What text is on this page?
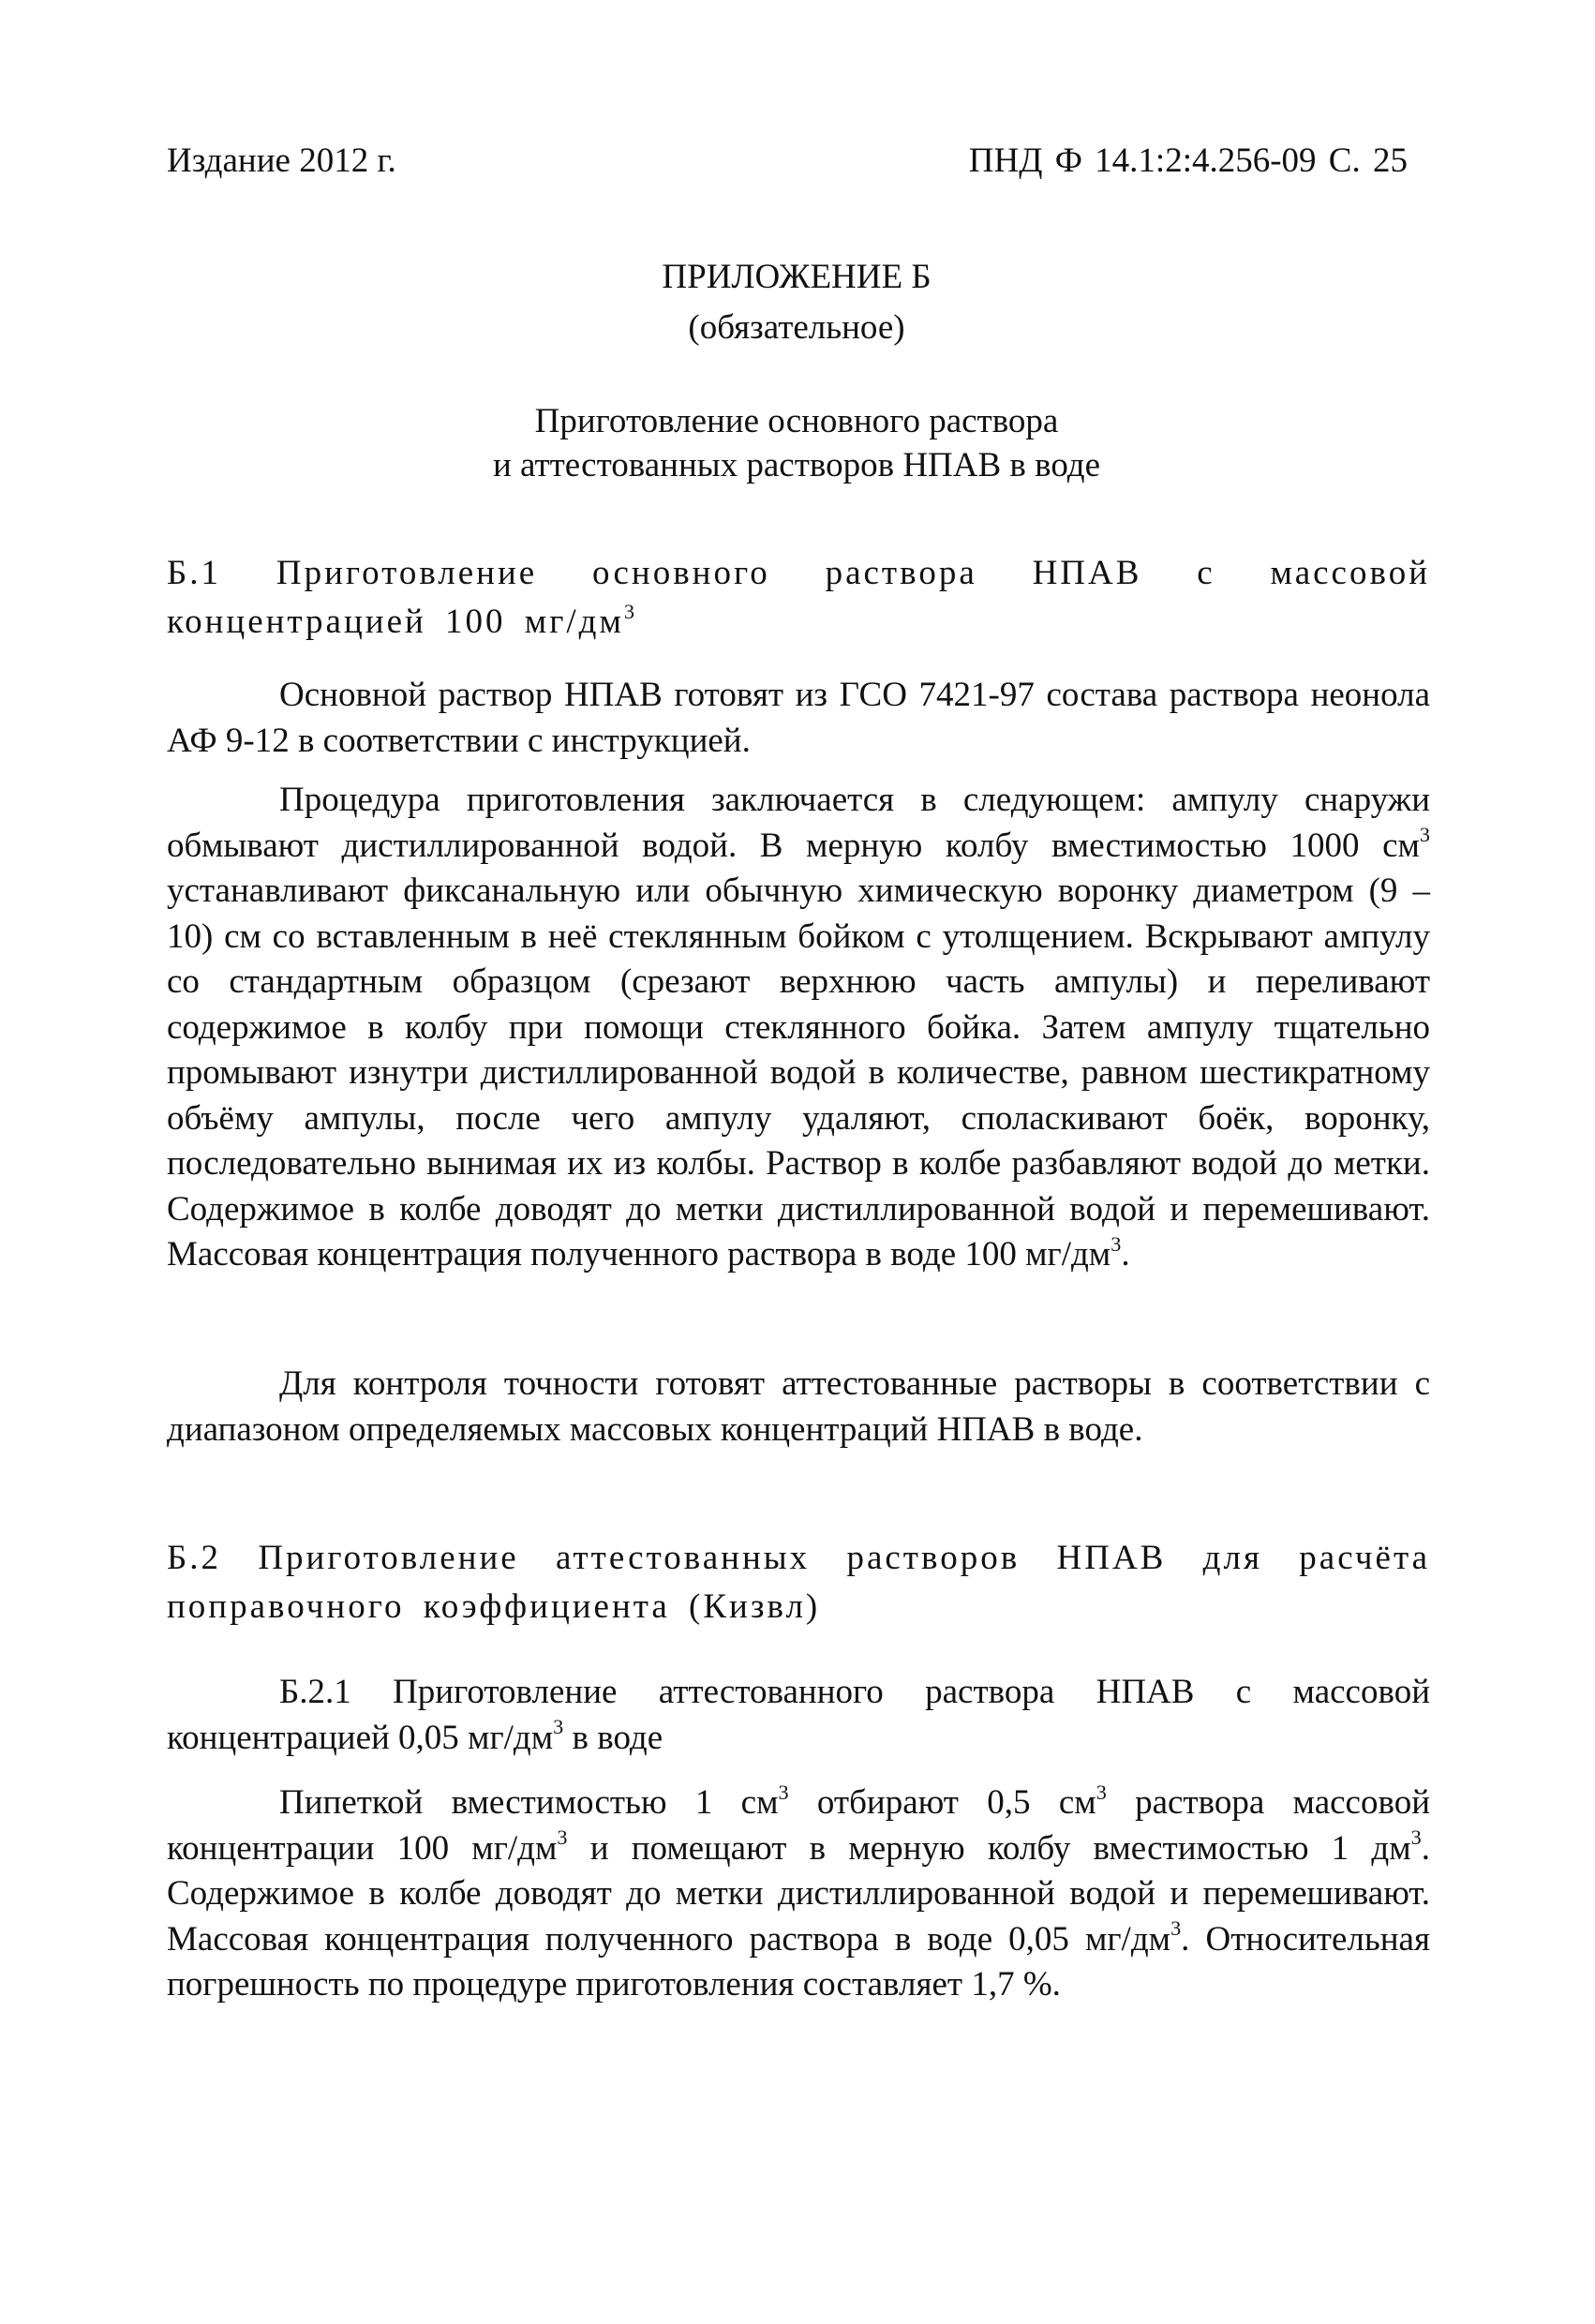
Издание 2012 г.	ПНД Ф 14.1:2:4.256-09 С. 25
ПРИЛОЖЕНИЕ Б
(обязательное)
Приготовление основного раствора
и аттестованных растворов НПАВ в воде
Б.1 Приготовление основного раствора НПАВ с массовой концентрацией 100 $мг/дм^3$
Основной раствор НПАВ готовят из ГСО 7421-97 состава раствора неонола АФ 9-12 в соответствии с инструкцией.
Процедура приготовления заключается в следующем: ампулу снаружи обмывают дистиллированной водой. В мерную колбу вместимостью 1000 $см^3$ устанавливают фиксанальную или обычную химическую воронку диаметром (9 – 10) см со вставленным в неё стеклянным бойком с утолщением. Вскрывают ампулу со стандартным образцом (срезают верхнюю часть ампулы) и переливают содержимое в колбу при помощи стеклянного бойка. Затем ампулу тщательно промывают изнутри дистиллированной водой в количестве, равном шестикратному объёму ампулы, после чего ампулу удаляют, споласкивают боёк, воронку, последовательно вынимая их из колбы. Раствор в колбе разбавляют водой до метки. Содержимое в колбе доводят до метки дистиллированной водой и перемешивают. Массовая концентрация полученного раствора в воде 100 $мг/дм^3$.
Для контроля точности готовят аттестованные растворы в соответствии с диапазоном определяемых массовых концентраций НПАВ в воде.
Б.2 Приготовление аттестованных растворов НПАВ для расчёта поправочного коэффициента (Кизвл)
Б.2.1 Приготовление аттестованного раствора НПАВ с массовой концентрацией 0,05 $мг/дм^3$ в воде
Пипеткой вместимостью 1 $см^3$ отбирают 0,5 $см^3$ раствора массовой концентрации 100 $мг/дм^3$ и помещают в мерную колбу вместимостью 1 $дм^3$. Содержимое в колбе доводят до метки дистиллированной водой и перемешивают. Массовая концентрация полученного раствора в воде 0,05 $мг/дм^3$. Относительная погрешность по процедуре приготовления составляет 1,7 %.
